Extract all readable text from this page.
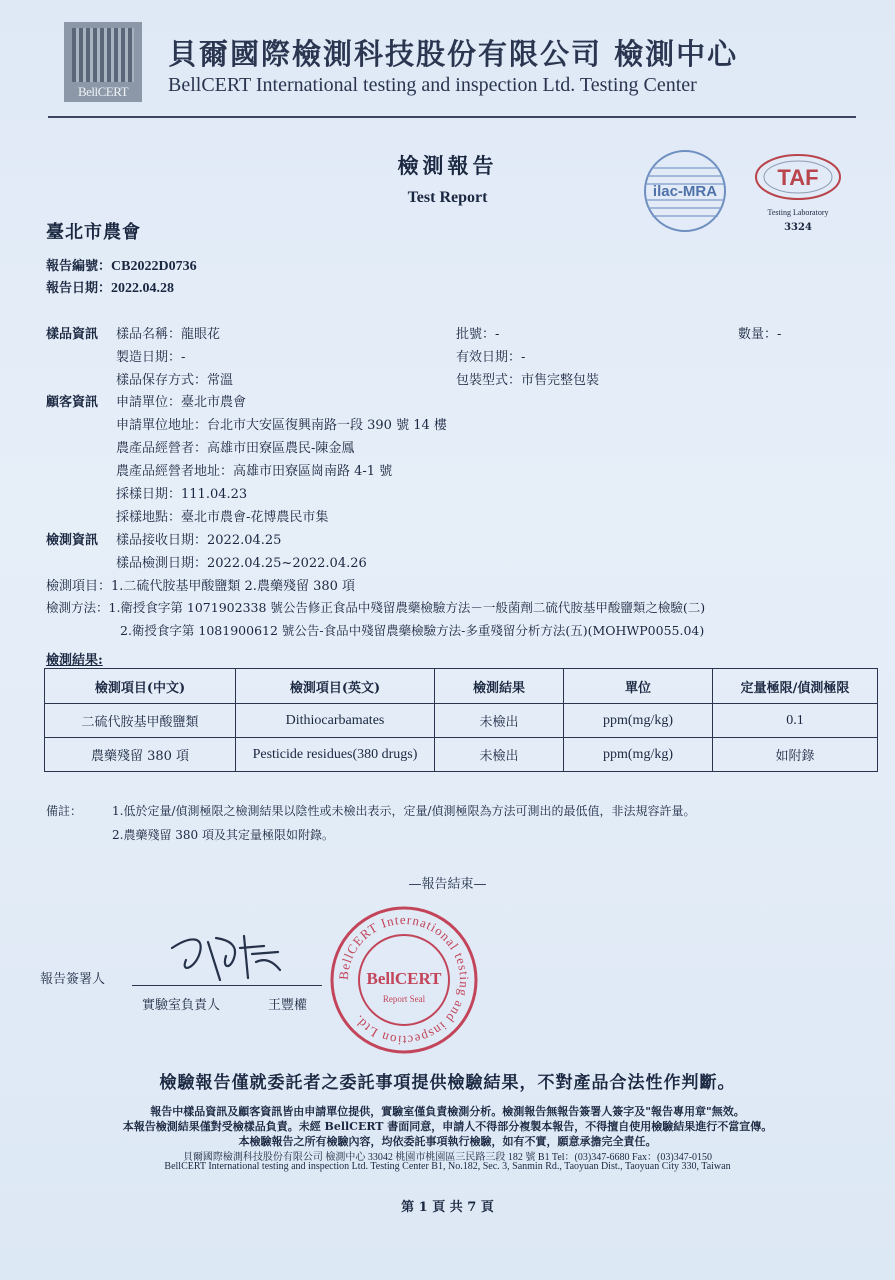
BellCERT
貝爾國際檢測科技股份有限公司 檢測中心
BellCERT International testing and inspection Ltd. Testing Center
檢測報告
Test Report	ilac-MRA
TAF
Testing Laboratory
3324
臺北市農會
報告編號：CB2022D0736
報告日期：2022.04.28
樣品資訊 樣品名稱：龍眼花	批號：-	數量：-
製造日期：-	有效日期：-
樣品保存方式：常溫	包裝型式：市售完整包裝
顧客資訊 申請單位：臺北市農會
申請單位地址：台北市大安區復興南路一段 390 號 14 樓
農產品經營者：高雄市田寮區農民-陳金鳳
農產品經營者地址：高雄市田寮區崗南路 4-1 號
採樣日期：111.04.23
採樣地點：臺北市農會-花博農民市集
檢測資訊 樣品接收日期：2022.04.25
樣品檢測日期：2022.04.25~2022.04.26
檢測項目：1.二硫代胺基甲酸鹽類 2.農藥殘留 380 項
檢測方法：1.衛授食字第 1071902338 號公告修正食品中殘留農藥檢驗方法－一般菌劑二硫代胺基甲酸鹽類之檢驗(二)
2.衛授食字第 1081900612 號公告-食品中殘留農藥檢驗方法-多重殘留分析方法(五)(MOHWP0055.04)
檢測結果:
檢測項目(中文)	檢測項目(英文)	檢測結果	單位	定量極限/偵測極限
二硫代胺基甲酸鹽類	Dithiocarbamates	未檢出	ppm(mg/kg)	0.1
農藥殘留 380 項	Pesticide residues(380 drugs)	未檢出	ppm(mg/kg)	如附錄
備註： 1.低於定量/偵測極限之檢測結果以陰性或未檢出表示，定量/偵測極限為方法可測出的最低值，非法規容許量。
2.農藥殘留 380 項及其定量極限如附錄。
—報告結束—
報告簽署人
實驗室負責人	王豐權
BellCERT International testing and inspection Ltd.
BellCERT
Report Seal
檢驗報告僅就委託者之委託事項提供檢驗結果，不對產品合法性作判斷。
報告中樣品資訊及顧客資訊皆由申請單位提供，實驗室僅負責檢測分析。檢測報告無報告簽署人簽字及"報告專用章"無效。
本報告檢測結果僅對受檢樣品負責。未經 BellCERT 書面同意，申請人不得部分複製本報告，不得擅自使用檢驗結果進行不當宣傳。
本檢驗報告之所有檢驗內容，均依委託事項執行檢驗，如有不實，願意承擔完全責任。
貝爾國際檢測科技股份有限公司 檢測中心 33042 桃園市桃園區三民路三段 182 號 B1 Tel：(03)347-6680 Fax：(03)347-0150
BellCERT International testing and inspection Ltd. Testing Center B1, No.182, Sec. 3, Sanmin Rd., Taoyuan Dist., Taoyuan City 330, Taiwan
第 1 頁 共 7 頁
